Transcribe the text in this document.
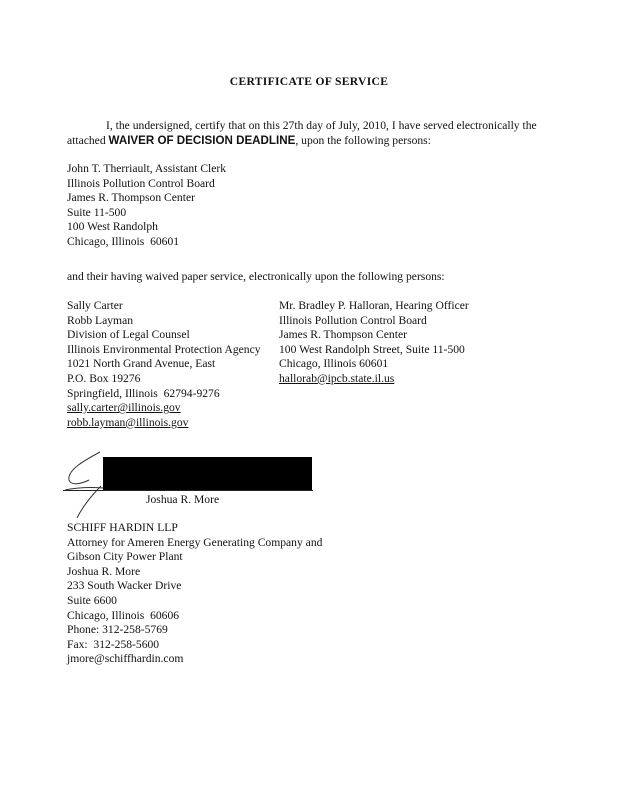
CERTIFICATE OF SERVICE
I, the undersigned, certify that on this 27th day of July, 2010, I have served electronically the attached WAIVER OF DECISION DEADLINE, upon the following persons:
John T. Therriault, Assistant Clerk
Illinois Pollution Control Board
James R. Thompson Center
Suite 11-500
100 West Randolph
Chicago, Illinois  60601
and their having waived paper service, electronically upon the following persons:
Sally Carter
Robb Layman
Division of Legal Counsel
Illinois Environmental Protection Agency
1021 North Grand Avenue, East
P.O. Box 19276
Springfield, Illinois  62794-9276
sally.carter@illinois.gov
robb.layman@illinois.gov
Mr. Bradley P. Halloran, Hearing Officer
Illinois Pollution Control Board
James R. Thompson Center
100 West Randolph Street, Suite 11-500
Chicago, Illinois 60601
hallorab@ipcb.state.il.us
Joshua R. More
SCHIFF HARDIN LLP
Attorney for Ameren Energy Generating Company and
Gibson City Power Plant
Joshua R. More
233 South Wacker Drive
Suite 6600
Chicago, Illinois  60606
Phone: 312-258-5769
Fax:  312-258-5600
jmore@schiffhardin.com
